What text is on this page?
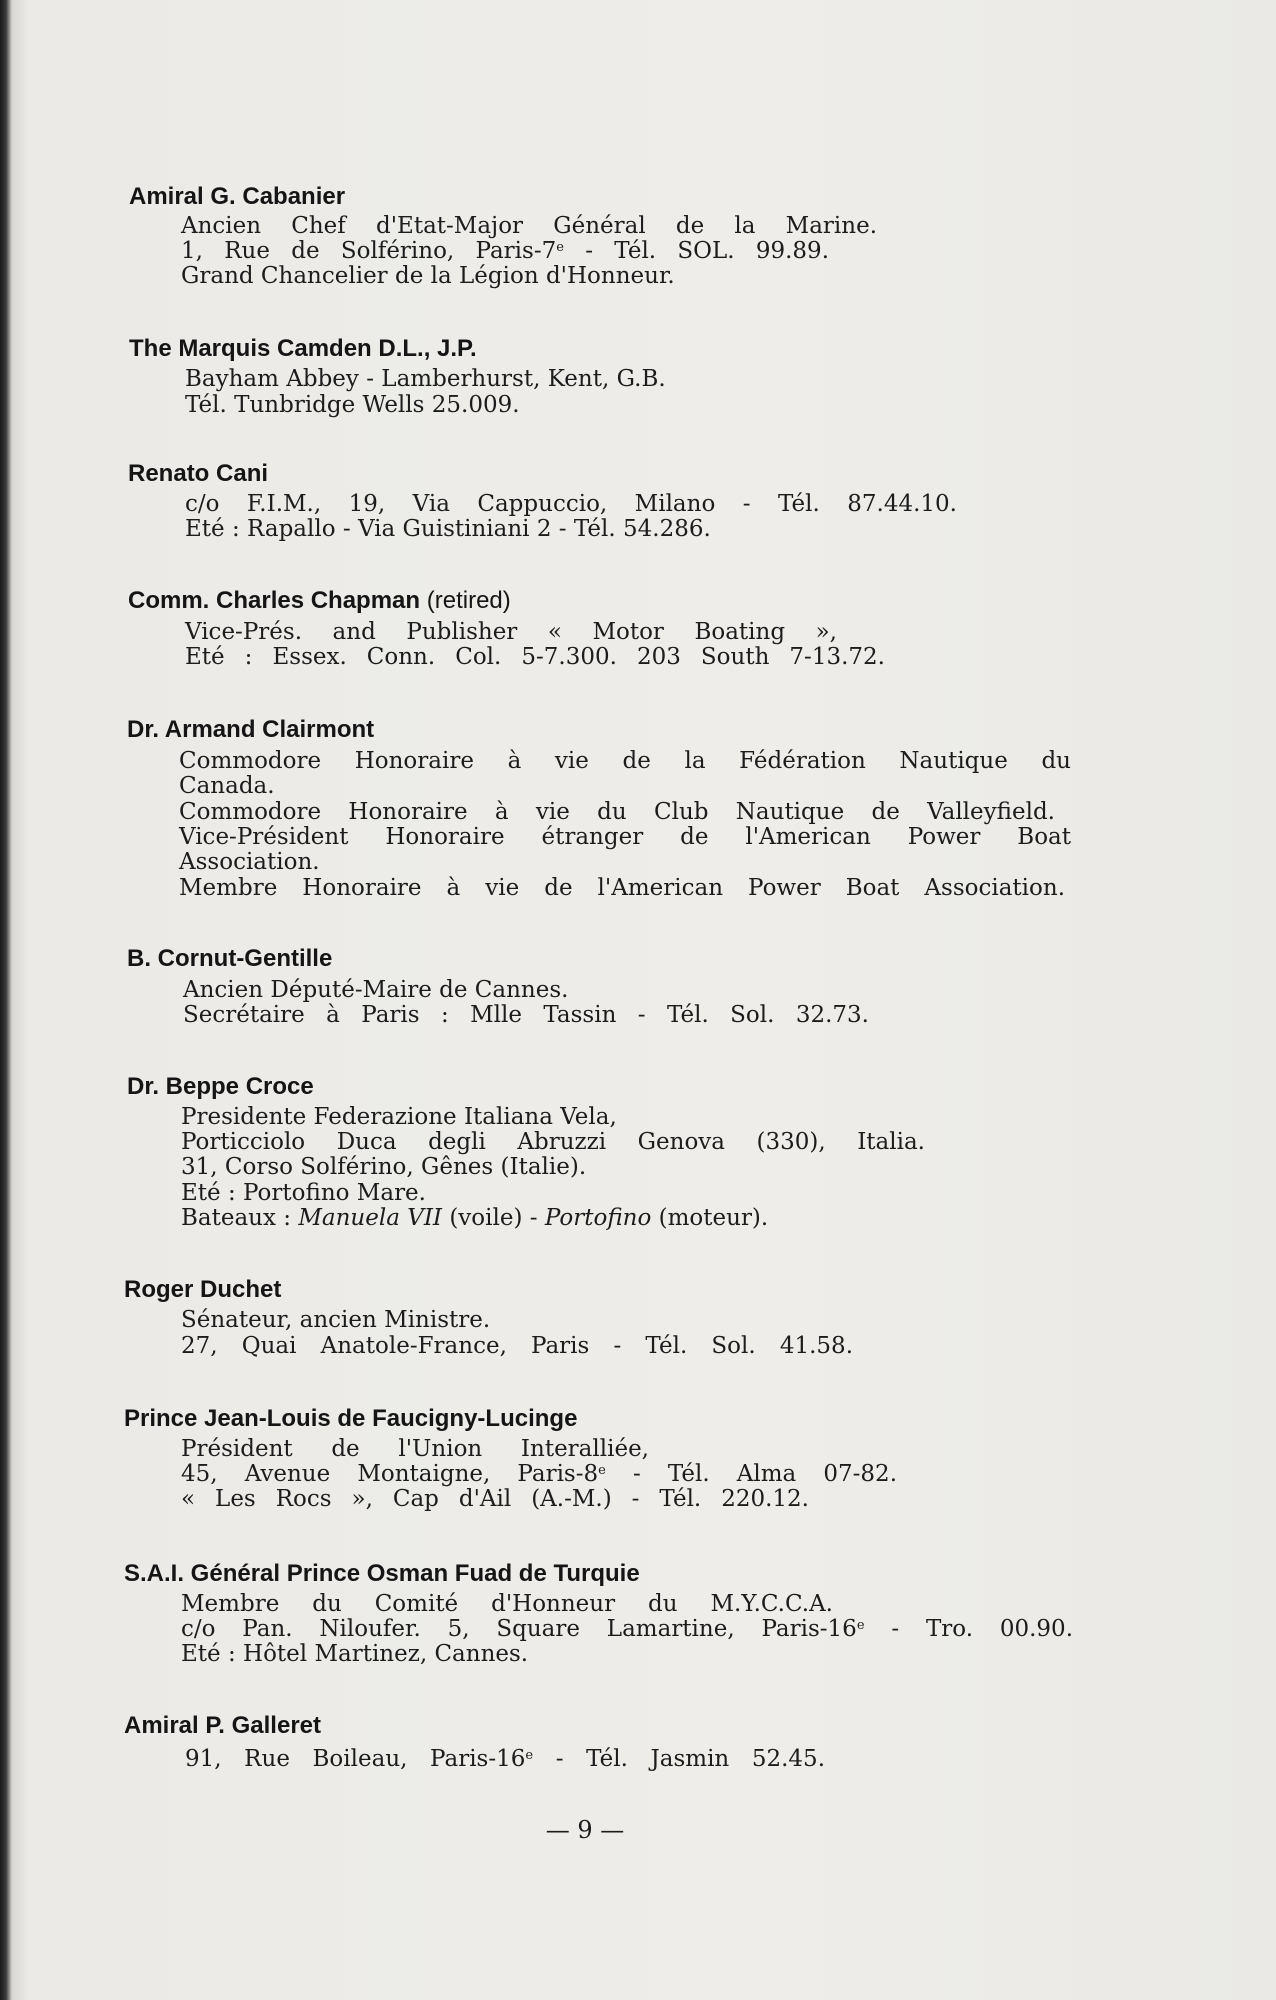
Amiral G. Cabanier
Ancien Chef d'Etat-Major Général de la Marine.
1, Rue de Solférino, Paris-7e - Tél. SOL. 99.89.
Grand Chancelier de la Légion d'Honneur.
The Marquis Camden D.L., J.P.
Bayham Abbey - Lamberhurst, Kent, G.B.
Tél. Tunbridge Wells 25.009.
Renato Cani
c/o F.I.M., 19, Via Cappuccio, Milano - Tél. 87.44.10.
Eté : Rapallo - Via Guistiniani 2 - Tél. 54.286.
Comm. Charles Chapman (retired)
Vice-Prés. and Publisher « Motor Boating »,
Eté : Essex. Conn. Col. 5-7.300. 203 South 7-13.72.
Dr. Armand Clairmont
Commodore Honoraire à vie de la Fédération Nautique du
Canada.
Commodore Honoraire à vie du Club Nautique de Valleyfield.
Vice-Président Honoraire étranger de l'American Power Boat
Association.
Membre Honoraire à vie de l'American Power Boat Association.
B. Cornut-Gentille
Ancien Député-Maire de Cannes.
Secrétaire à Paris : Mlle Tassin - Tél. Sol. 32.73.
Dr. Beppe Croce
Presidente Federazione Italiana Vela,
Porticciolo Duca degli Abruzzi Genova (330), Italia.
31, Corso Solférino, Gênes (Italie).
Eté : Portofino Mare.
Bateaux : Manuela VII (voile) - Portofino (moteur).
Roger Duchet
Sénateur, ancien Ministre.
27, Quai Anatole-France, Paris - Tél. Sol. 41.58.
Prince Jean-Louis de Faucigny-Lucinge
Président de l'Union Interalliée,
45, Avenue Montaigne, Paris-8e - Tél. Alma 07-82.
« Les Rocs », Cap d'Ail (A.-M.) - Tél. 220.12.
S.A.I. Général Prince Osman Fuad de Turquie
Membre du Comité d'Honneur du M.Y.C.C.A.
c/o Pan. Niloufer. 5, Square Lamartine, Paris-16e - Tro. 00.90.
Eté : Hôtel Martinez, Cannes.
Amiral P. Galleret
91, Rue Boileau, Paris-16e - Tél. Jasmin 52.45.
— 9 —
